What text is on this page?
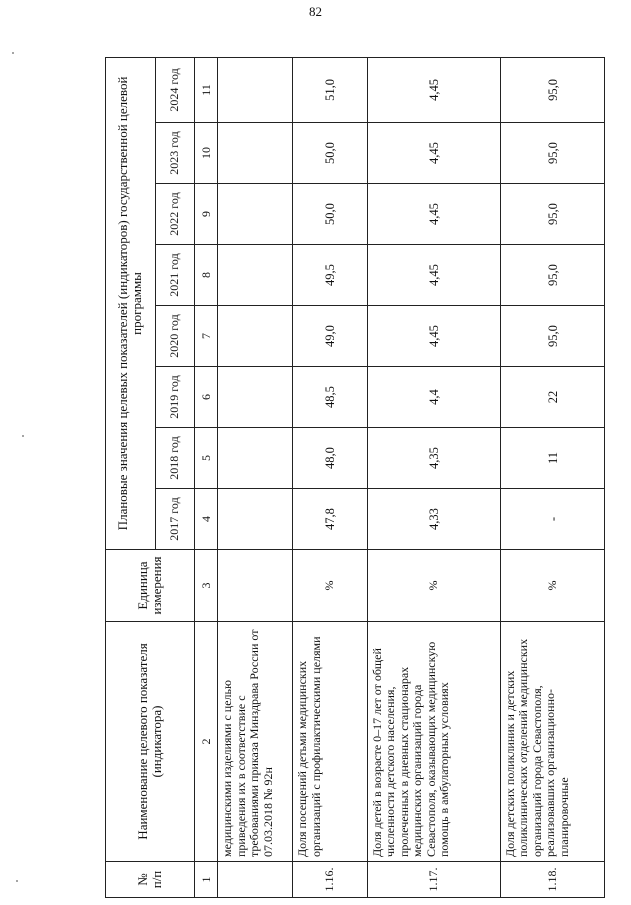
82
№
п/п	Наименование целевого показателя (индикатора)	Единица измерения	Плановые значения целевых показателей (индикаторов) государственной целевой программы							
			2017 год	2018 год	2019 год	2020 год	2021 год	2022 год	2023 год	2024 год
1	2	3	4	5	6	7	8	9	10	11
	медицинскими изделиями с целью приведения их в соответствие с требованиями приказа Минздрава России от 07.03.2018 № 92н									
1.16.	Доля посещений детьми медицинских организаций с профилактическими целями	%	47,8	48,0	48,5	49,0	49,5	50,0	50,0	51,0
1.17.	Доля детей в возрасте 0–17 лет от общей численности детского населения, пролеченных в дневных стационарах медицинских организаций города Севастополя, оказывающих медицинскую помощь в амбулаторных условиях	%	4,33	4,35	4,4	4,45	4,45	4,45	4,45	4,45
1.18.	Доля детских поликлиник и детских поликлинических отделений медицинских организаций города Севастополя, реализовавших организационно-планировочные	%	-	11	22	95,0	95,0	95,0	95,0	95,0
